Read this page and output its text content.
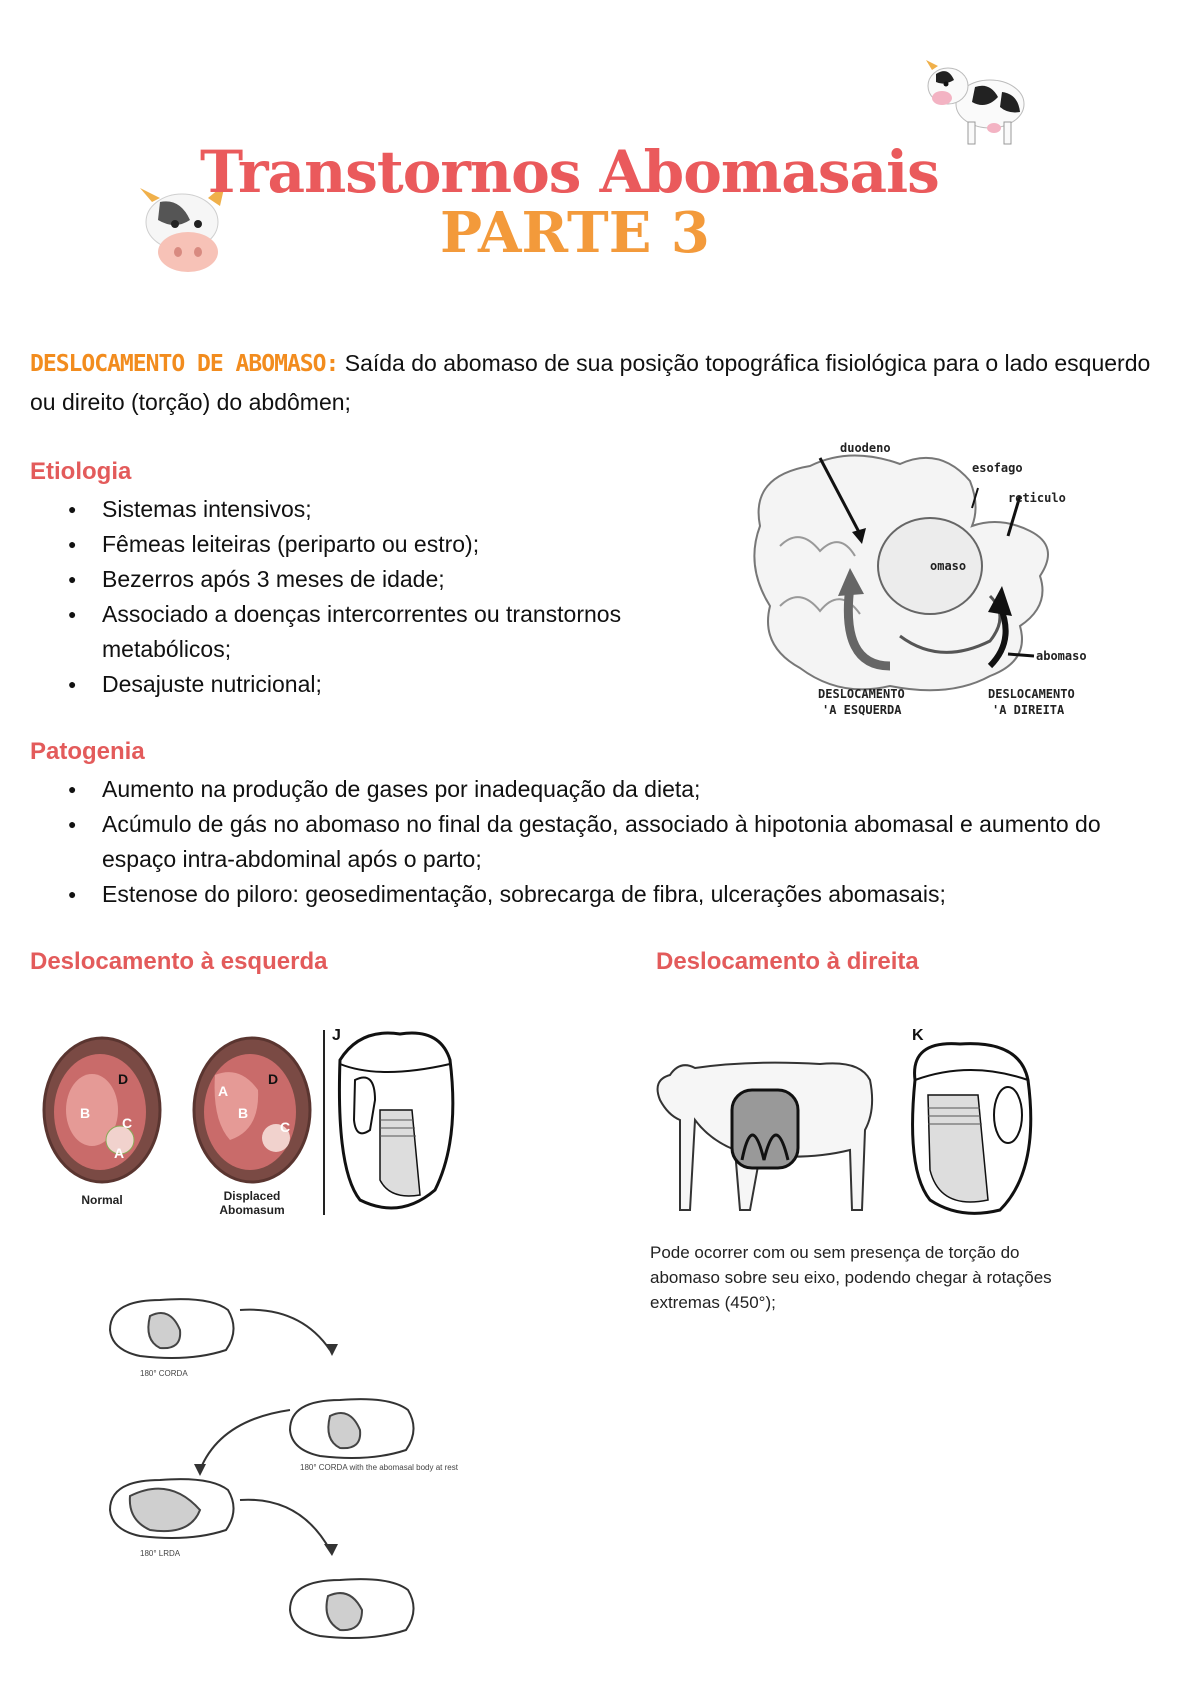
Transtornos Abomasais
PARTE 3
DESLOCAMENTO DE ABOMASO: Saída do abomaso de sua posição topográfica fisiológica para o lado esquerdo ou direito (torção) do abdômen;
Etiologia
● Sistemas intensivos;
● Fêmeas leiteiras (periparto ou estro);
● Bezerros após 3 meses de idade;
● Associado a doenças intercorrentes ou transtornos metabólicos;
● Desajuste nutricional;
duodeno
esofago
reticulo
omaso
abomaso
DESLOCAMENTO
'A ESQUERDA
DESLOCAMENTO
'A DIREITA
Patogenia
● Aumento na produção de gases por inadequação da dieta;
● Acúmulo de gás no abomaso no final da gestação, associado à hipotonia abomasal e aumento do espaço intra-abdominal após o parto;
● Estenose do piloro: geosedimentação, sobrecarga de fibra, ulcerações abomasais;
Deslocamento à esquerda	Deslocamento à direita
D
B
C
A
D
B
A
C
Normal	Displaced
Abomasum
J	K
Pode ocorrer com ou sem presença de torção do abomaso sobre seu eixo, podendo chegar à rotações extremas (450°);
180° CORDA
180° CORDA with the abomasal body at rest
180° LRDA
